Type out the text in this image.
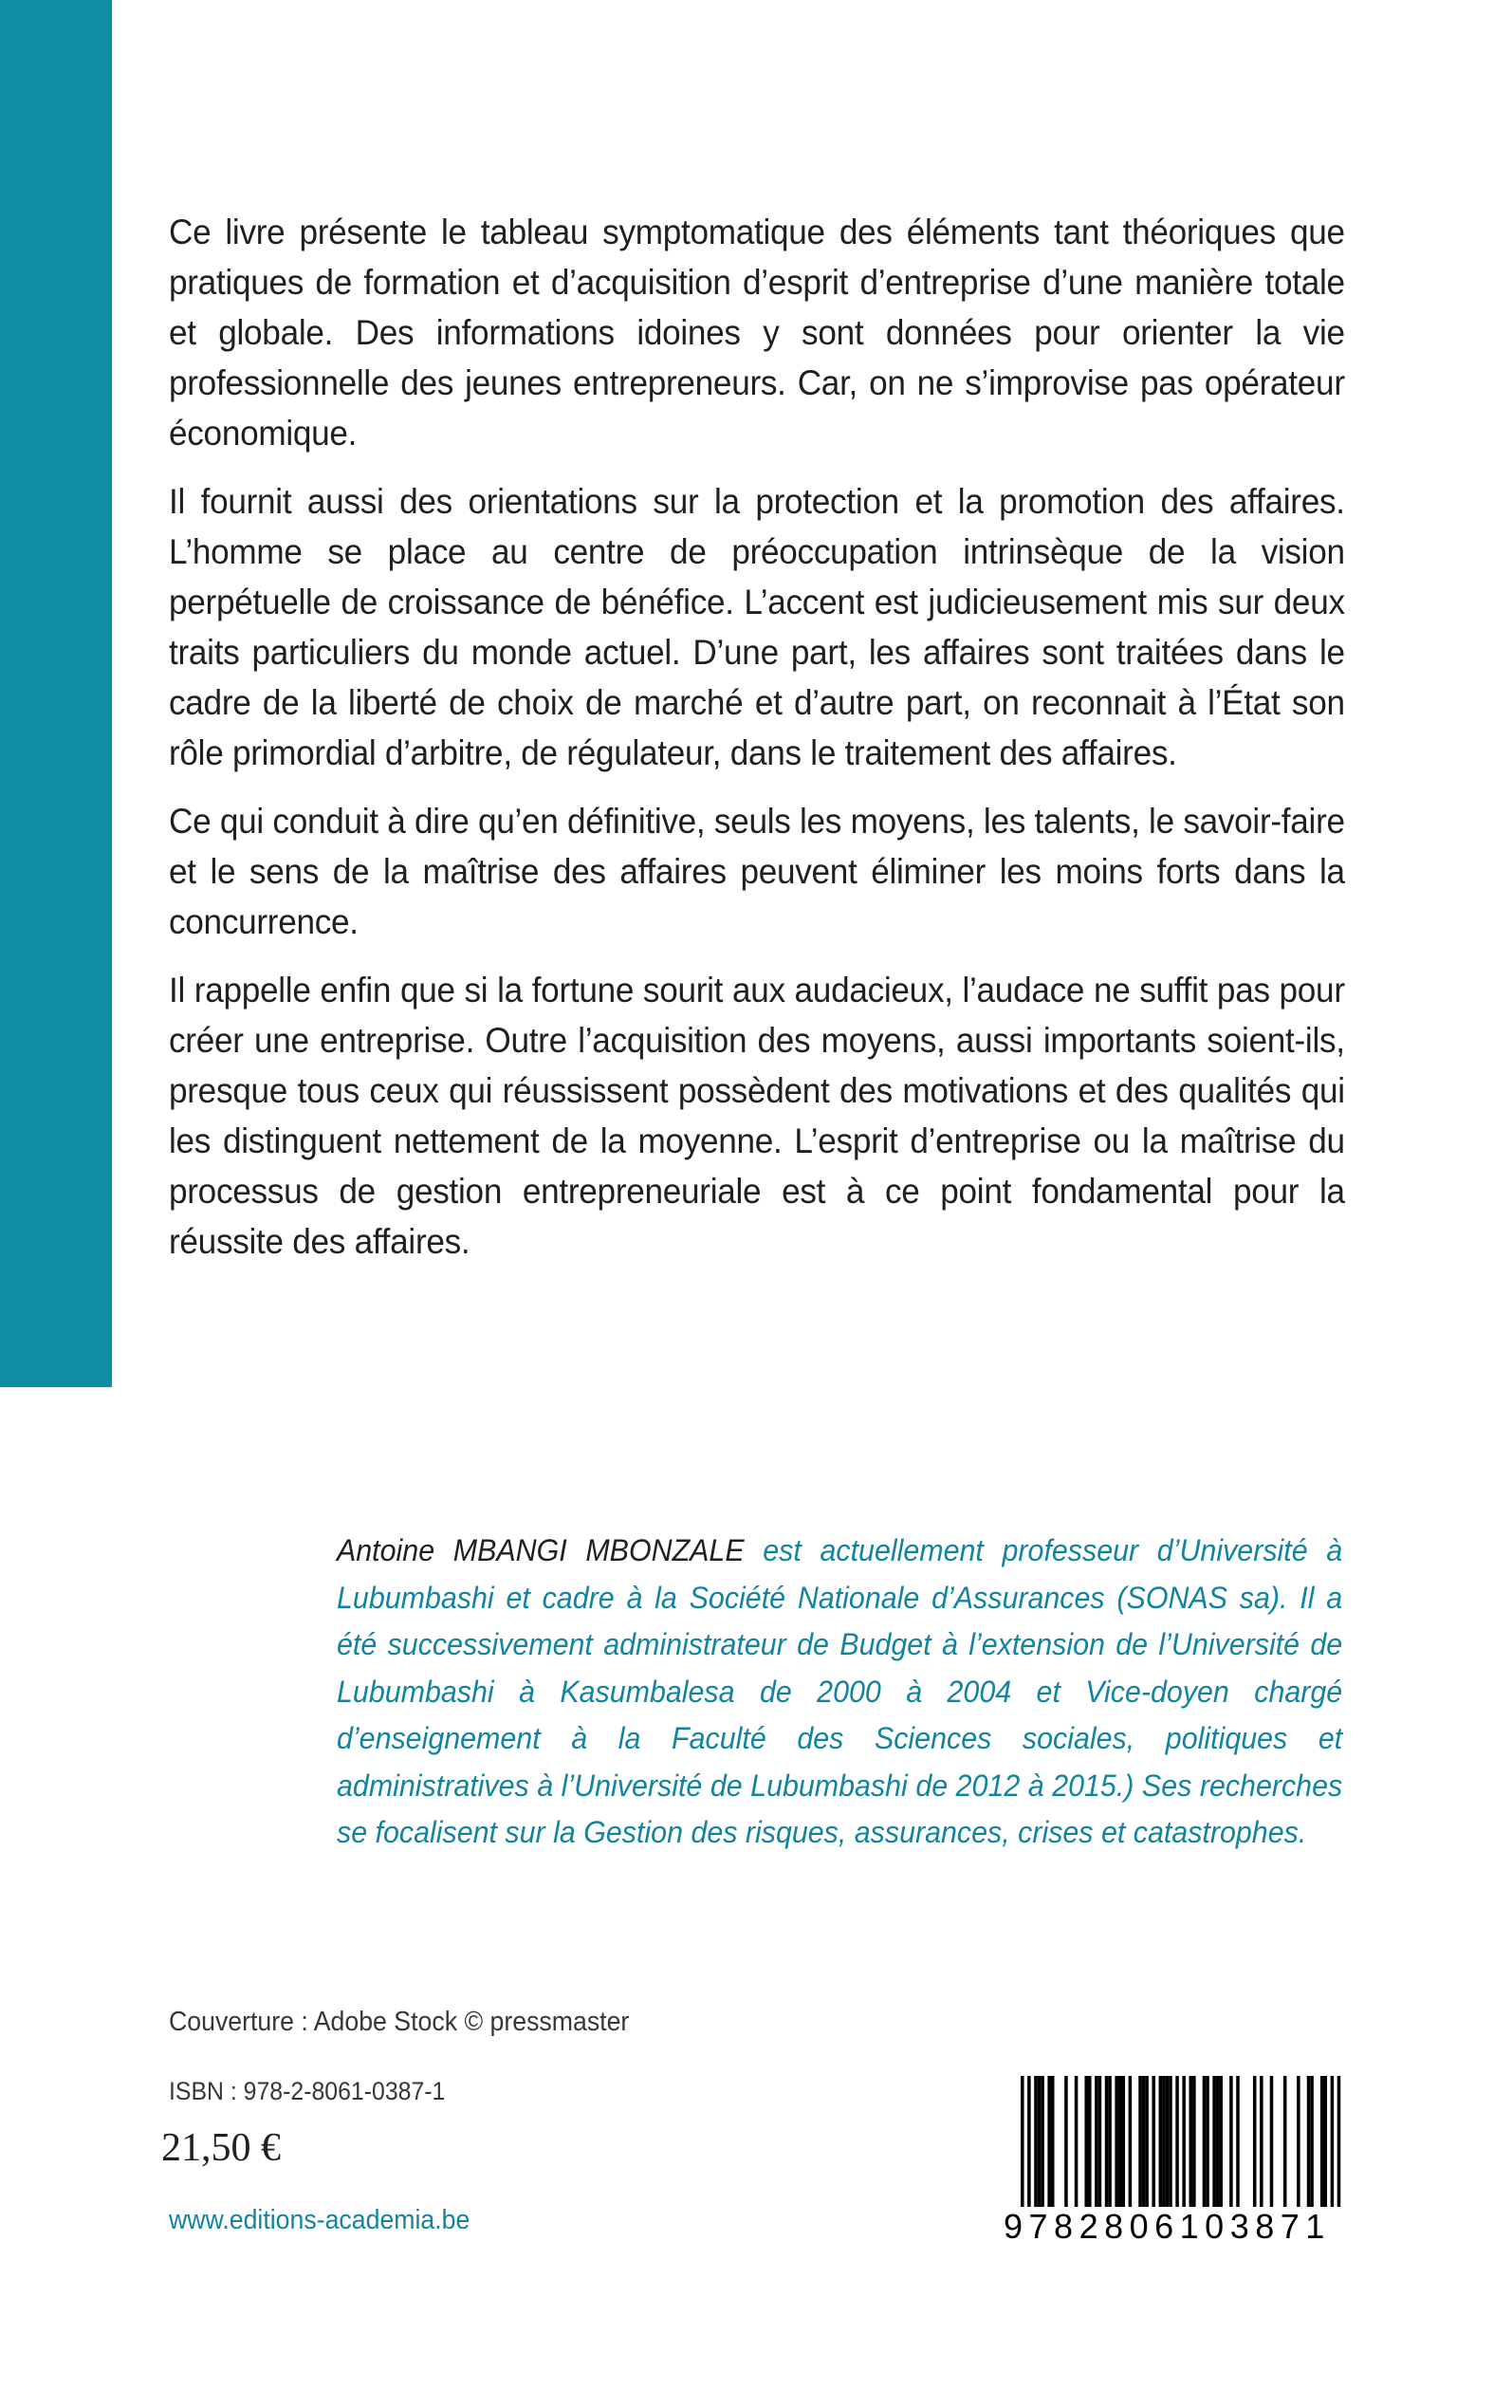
Ce livre présente le tableau symptomatique des éléments tant théoriques que pratiques de formation et d’acquisition d’esprit d’entreprise d’une manière totale et globale. Des informations idoines y sont données pour orienter la vie professionnelle des jeunes entrepreneurs. Car, on ne s’improvise pas opérateur économique.

Il fournit aussi des orientations sur la protection et la promotion des affaires. L’homme se place au centre de préoccupation intrinsèque de la vision perpétuelle de croissance de bénéfice. L’accent est judicieusement mis sur deux traits particuliers du monde actuel. D’une part, les affaires sont traitées dans le cadre de la liberté de choix de marché et d’autre part, on reconnait à l’État son rôle primordial d’arbitre, de régulateur, dans le traitement des affaires.

Ce qui conduit à dire qu’en définitive, seuls les moyens, les talents, le savoir-faire et le sens de la maîtrise des affaires peuvent éliminer les moins forts dans la concurrence.

Il rappelle enfin que si la fortune sourit aux audacieux, l’audace ne suffit pas pour créer une entreprise. Outre l’acquisition des moyens, aussi importants soient-ils, presque tous ceux qui réussissent possèdent des motivations et des qualités qui les distinguent nettement de la moyenne. L’esprit d’entreprise ou la maîtrise du processus de gestion entrepreneuriale est à ce point fondamental pour la réussite des affaires.

Antoine MBANGI MBONZALE est actuellement professeur d’Université à Lubumbashi et cadre à la Société Nationale d’Assurances (SONAS sa). Il a été successivement administrateur de Budget à l’extension de l’Université de Lubumbashi à Kasumbalesa de 2000 à 2004 et Vice-doyen chargé d’enseignement à la Faculté des Sciences sociales, politiques et administratives à l’Université de Lubumbashi de 2012 à 2015.) Ses recherches se focalisent sur la Gestion des risques, assurances, crises et catastrophes.

Couverture : Adobe Stock © pressmaster
ISBN : 978-2-8061-0387-1
21,50 €
www.editions-academia.be	9782806103871
